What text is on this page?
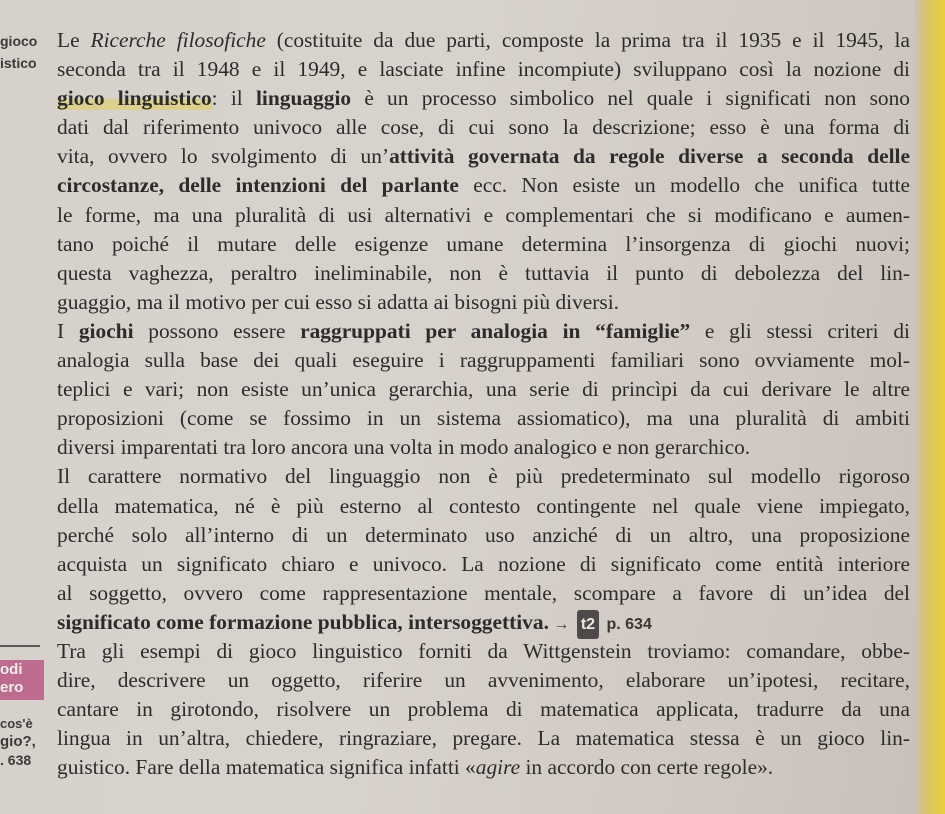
gioco
istico
odi
ero
cos'è
gio?,
. 638
Le Ricerche filosofiche (costituite da due parti, composte la prima tra il 1935 e il 1945, la
seconda tra il 1948 e il 1949, e lasciate infine incompiute) sviluppano così la nozione di
gioco linguistico: il linguaggio è un processo simbolico nel quale i significati non sono
dati dal riferimento univoco alle cose, di cui sono la descrizione; esso è una forma di
vita, ovvero lo svolgimento di un’attività governata da regole diverse a seconda delle
circostanze, delle intenzioni del parlante ecc. Non esiste un modello che unifica tutte
le forme, ma una pluralità di usi alternativi e complementari che si modificano e aumen-
tano poiché il mutare delle esigenze umane determina l’insorgenza di giochi nuovi;
questa vaghezza, peraltro ineliminabile, non è tuttavia il punto di debolezza del lin-
guaggio, ma il motivo per cui esso si adatta ai bisogni più diversi.
I giochi possono essere raggruppati per analogia in “famiglie” e gli stessi criteri di
analogia sulla base dei quali eseguire i raggruppamenti familiari sono ovviamente mol-
teplici e vari; non esiste un’unica gerarchia, una serie di princìpi da cui derivare le altre
proposizioni (come se fossimo in un sistema assiomatico), ma una pluralità di ambiti
diversi imparentati tra loro ancora una volta in modo analogico e non gerarchico.
Il carattere normativo del linguaggio non è più predeterminato sul modello rigoroso
della matematica, né è più esterno al contesto contingente nel quale viene impiegato,
perché solo all’interno di un determinato uso anziché di un altro, una proposizione
acquista un significato chiaro e univoco. La nozione di significato come entità interiore
al soggetto, ovvero come rappresentazione mentale, scompare a favore di un’idea del
significato come formazione pubblica, intersoggettiva. → t2 p. 634
Tra gli esempi di gioco linguistico forniti da Wittgenstein troviamo: comandare, obbe-
dire, descrivere un oggetto, riferire un avvenimento, elaborare un’ipotesi, recitare,
cantare in girotondo, risolvere un problema di matematica applicata, tradurre da una
lingua in un’altra, chiedere, ringraziare, pregare. La matematica stessa è un gioco lin-
guistico. Fare della matematica significa infatti «agire in accordo con certe regole».
